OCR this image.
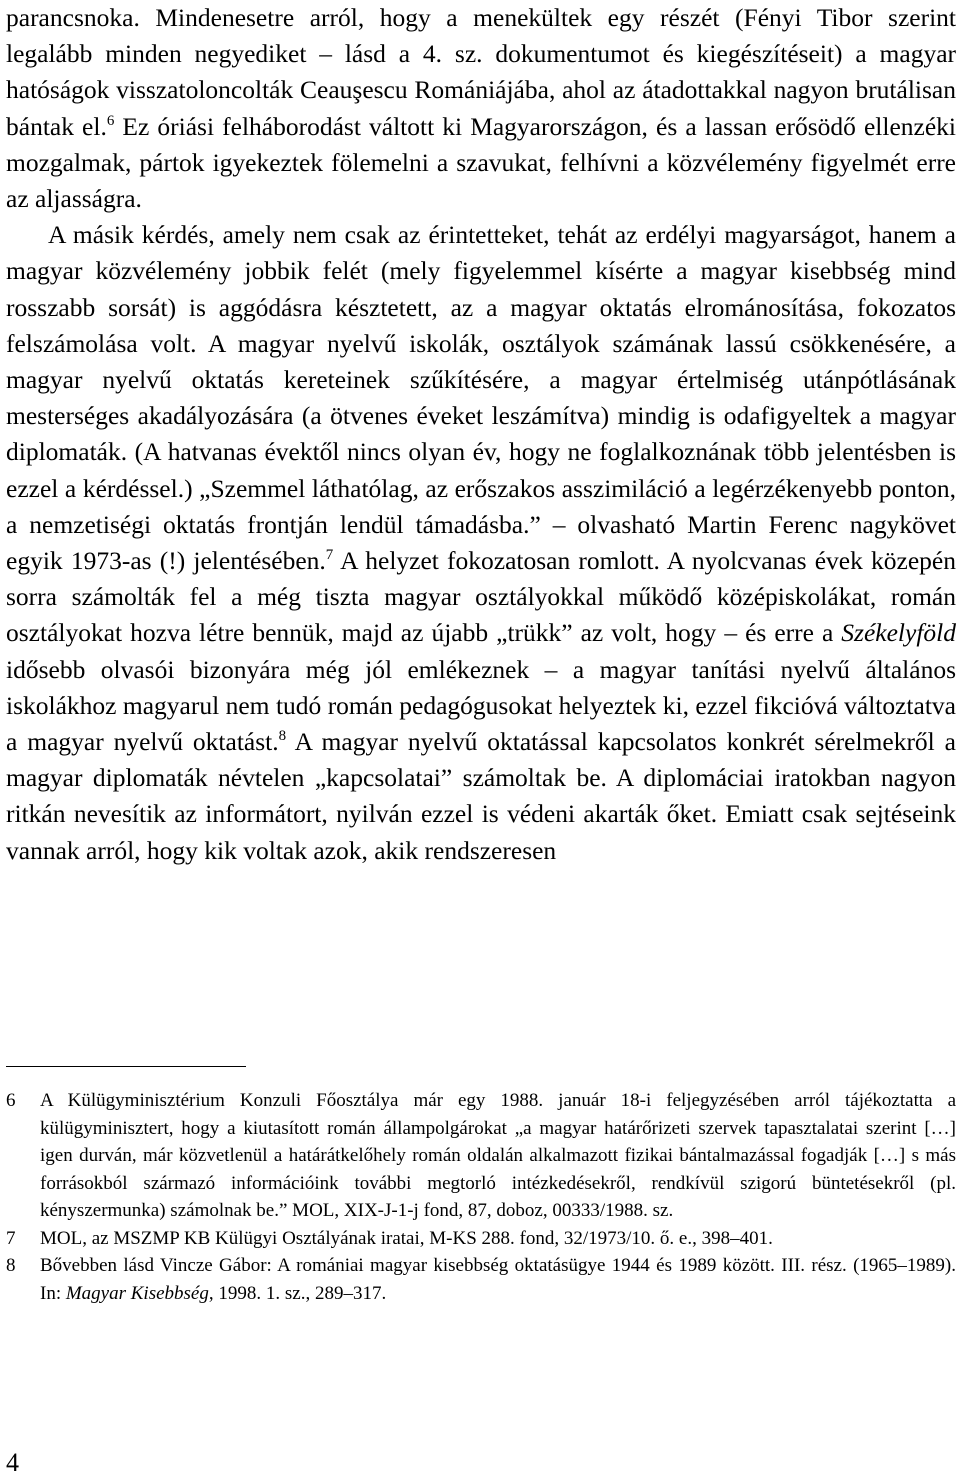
parancsnoka. Mindenesetre arról, hogy a menekültek egy részét (Fényi Tibor szerint legalább minden negyediket – lásd a 4. sz. dokumentumot és kiegészítéseit) a magyar hatóságok visszatoloncolták Ceauşescu Romániájába, ahol az átadottakkal nagyon brutálisan bántak el.$^6$ Ez óriási felháborodást váltott ki Magyarországon, és a lassan erősödő ellenzéki mozgalmak, pártok igyekeztek fölemelni a szavukat, felhívni a közvélemény figyelmét erre az aljasságra.

A másik kérdés, amely nem csak az érintetteket, tehát az erdélyi magyarságot, hanem a magyar közvélemény jobbik felét (mely figyelemmel kísérte a magyar kisebbség mind rosszabb sorsát) is aggódásra késztetett, az a magyar oktatás elrománosítása, fokozatos felszámolása volt. A magyar nyelvű iskolák, osztályok számának lassú csökkenésére, a magyar nyelvű oktatás kereteinek szűkítésére, a magyar értelmiség utánpótlásának mesterséges akadályozására (a ötvenes éveket leszámítva) mindig is odafigyeltek a magyar diplomaták. (A hatvanas évektől nincs olyan év, hogy ne foglalkoznának több jelentésben is ezzel a kérdéssel.) „Szemmel láthatólag, az erőszakos asszimiláció a legérzékenyebb ponton, a nemzetiségi oktatás frontján lendül támadásba.” – olvasható Martin Ferenc nagykövet egyik 1973-as (!) jelentésében.$^7$ A helyzet fokozatosan romlott. A nyolcvanas évek közepén sorra számolták fel a még tiszta magyar osztályokkal működő középiskolákat, román osztályokat hozva létre bennük, majd az újabb „trükk” az volt, hogy – és erre a Székelyföld idősebb olvasói bizonyára még jól emlékeznek – a magyar tanítási nyelvű általános iskolákhoz magyarul nem tudó román pedagógusokat helyeztek ki, ezzel fikcióvá változtatva a magyar nyelvű oktatást.$^8$ A magyar nyelvű oktatással kapcsolatos konkrét sérelmekről a magyar diplomaták névtelen „kapcsolatai” számoltak be. A diplomáciai iratokban nagyon ritkán nevesítik az informátort, nyilván ezzel is védeni akarták őket. Emiatt csak sejtéseink vannak arról, hogy kik voltak azok, akik rendszeresen

6	A Külügyminisztérium Konzuli Főosztálya már egy 1988. január 18-i feljegyzésében arról tájékoztatta a külügyminisztert, hogy a kiutasított román állampolgárokat „a magyar határőrizeti szervek tapasztalatai szerint […] igen durván, már közvetlenül a határátkelőhely román oldalán alkalmazott fizikai bántalmazással fogadják […] s más forrásokból származó információink további megtorló intézkedésekről, rendkívül szigorú büntetésekről (pl. kényszermunka) számolnak be.” MOL, XIX-J-1-j fond, 87, doboz, 00333/1988. sz.
7	MOL, az MSZMP KB Külügyi Osztályának iratai, M-KS 288. fond, 32/1973/10. ő. e., 398–401.
8	Bővebben lásd Vincze Gábor: A romániai magyar kisebbség oktatásügye 1944 és 1989 között. III. rész. (1965–1989). In: Magyar Kisebbség, 1998. 1. sz., 289–317.
4
